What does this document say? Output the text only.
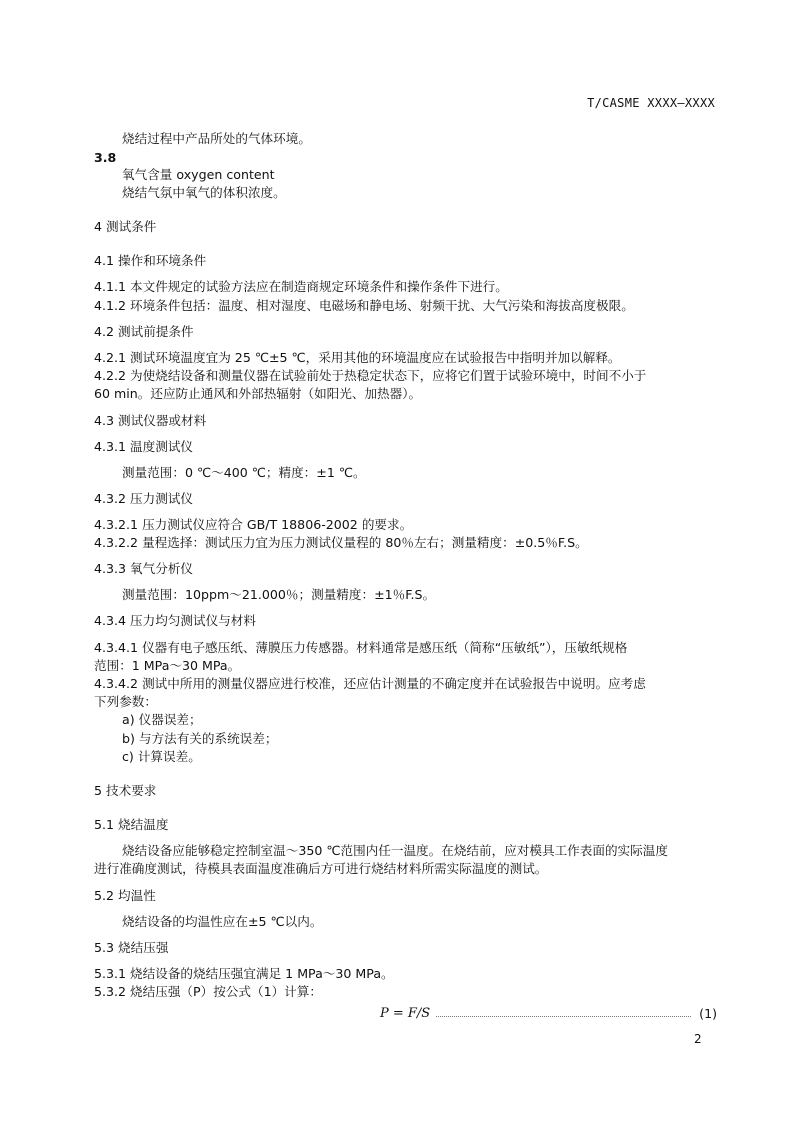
T/CASME XXXX—XXXX
烧结过程中产品所处的气体环境。
3.8
氧气含量 oxygen content
烧结气氛中氧气的体积浓度。
4 测试条件
4.1 操作和环境条件
4.1.1 本文件规定的试验方法应在制造商规定环境条件和操作条件下进行。
4.1.2 环境条件包括：温度、相对湿度、电磁场和静电场、射频干扰、大气污染和海拔高度极限。
4.2 测试前提条件
4.2.1 测试环境温度宜为 25 ℃±5 ℃，采用其他的环境温度应在试验报告中指明并加以解释。
4.2.2 为使烧结设备和测量仪器在试验前处于热稳定状态下，应将它们置于试验环境中，时间不小于
60 min。还应防止通风和外部热辐射（如阳光、加热器）。
4.3 测试仪器或材料
4.3.1 温度测试仪
测量范围：0 ℃～400 ℃；精度：±1 ℃。
4.3.2 压力测试仪
4.3.2.1 压力测试仪应符合 GB/T 18806-2002 的要求。
4.3.2.2 量程选择：测试压力宜为压力测试仪量程的 80％左右；测量精度：±0.5％F.S。
4.3.3 氧气分析仪
测量范围：10ppm～21.000％；测量精度：±1％F.S。
4.3.4 压力均匀测试仪与材料
4.3.4.1 仪器有电子感压纸、薄膜压力传感器。材料通常是感压纸（简称“压敏纸”），压敏纸规格
范围：1 MPa～30 MPa。
4.3.4.2 测试中所用的测量仪器应进行校准，还应估计测量的不确定度并在试验报告中说明。应考虑
下列参数：
a) 仪器误差；
b) 与方法有关的系统误差；
c) 计算误差。
5 技术要求
5.1 烧结温度
烧结设备应能够稳定控制室温～350 ℃范围内任一温度。在烧结前，应对模具工作表面的实际温度
进行准确度测试，待模具表面温度准确后方可进行烧结材料所需实际温度的测试。
5.2 均温性
烧结设备的均温性应在±5 ℃以内。
5.3 烧结压强
5.3.1 烧结设备的烧结压强宜满足 1 MPa～30 MPa。
5.3.2 烧结压强（P）按公式（1）计算：
P = F/S	(1)
2
